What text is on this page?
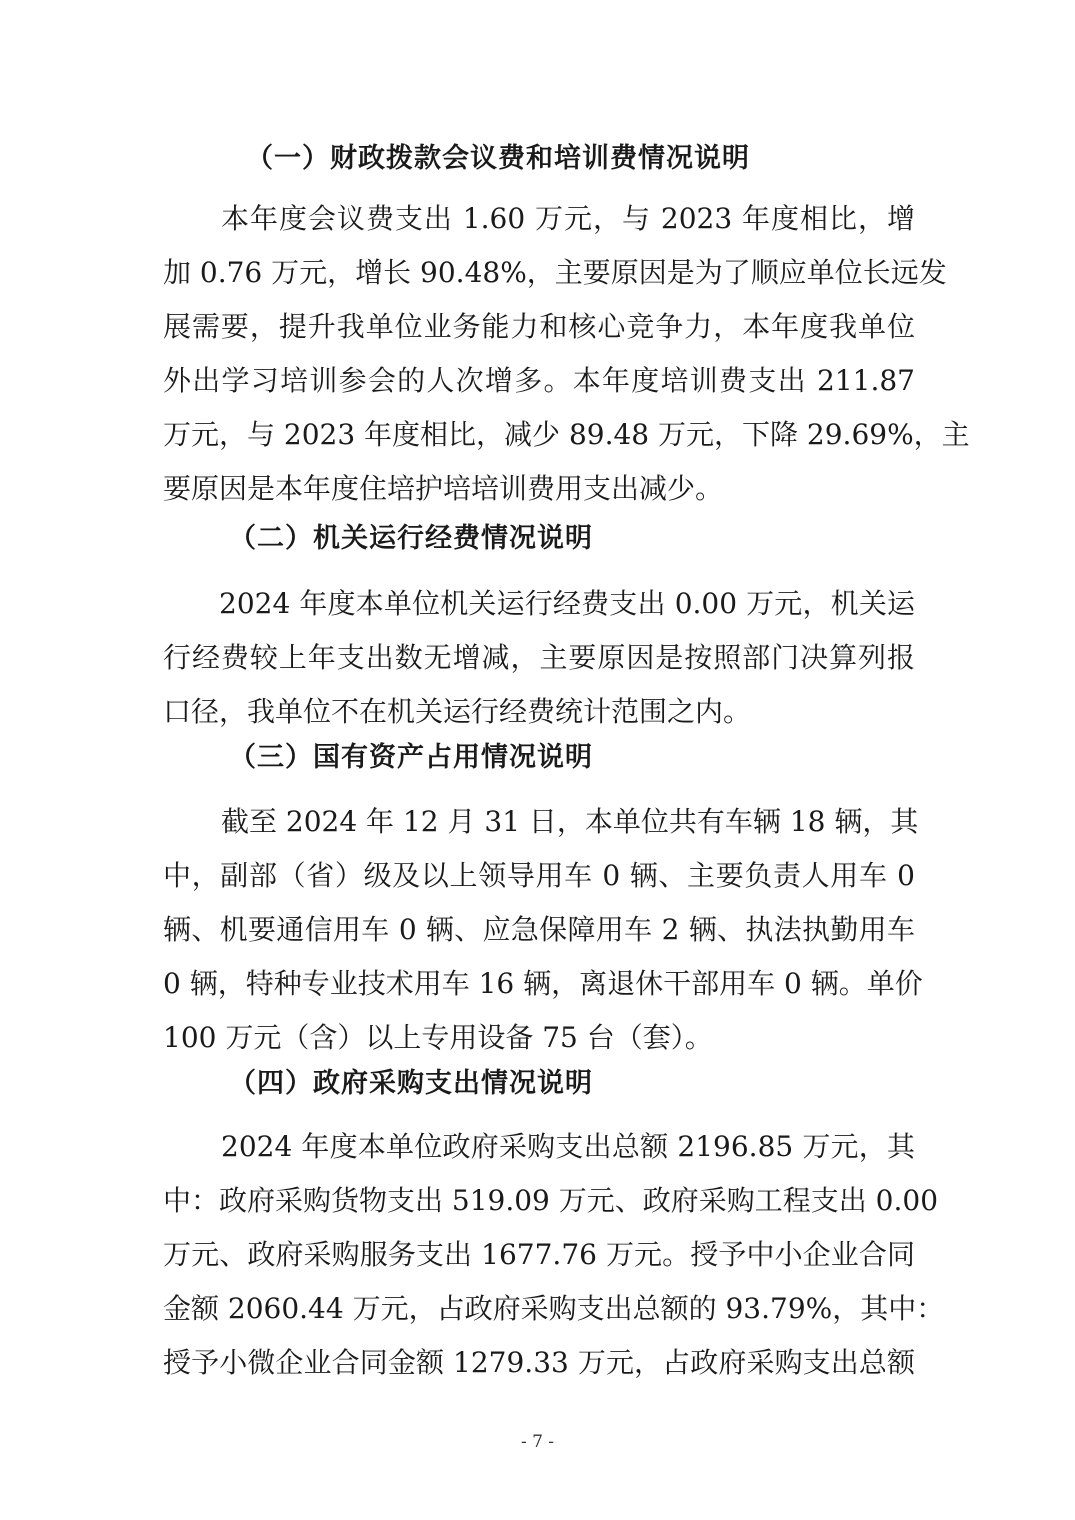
（一）财政拨款会议费和培训费情况说明
本年度会议费支出 1.60 万元，与 2023 年度相比，增
加 0.76 万元，增长 90.48%，主要原因是为了顺应单位长远发
展需要，提升我单位业务能力和核心竞争力，本年度我单位
外出学习培训参会的人次增多。本年度培训费支出 211.87
万元，与 2023 年度相比，减少 89.48 万元，下降 29.69%，主
要原因是本年度住培护培培训费用支出减少。
（二）机关运行经费情况说明
2024 年度本单位机关运行经费支出 0.00 万元，机关运
行经费较上年支出数无增减，主要原因是按照部门决算列报
口径，我单位不在机关运行经费统计范围之内。
（三）国有资产占用情况说明
截至 2024 年 12 月 31 日，本单位共有车辆 18 辆，其
中，副部（省）级及以上领导用车 0 辆、主要负责人用车 0
辆、机要通信用车 0 辆、应急保障用车 2 辆、执法执勤用车
0 辆，特种专业技术用车 16 辆，离退休干部用车 0 辆。单价
100 万元（含）以上专用设备 75 台（套）。
（四）政府采购支出情况说明
2024 年度本单位政府采购支出总额 2196.85 万元，其
中：政府采购货物支出 519.09 万元、政府采购工程支出 0.00
万元、政府采购服务支出 1677.76 万元。授予中小企业合同
金额 2060.44 万元，占政府采购支出总额的 93.79%，其中：
授予小微企业合同金额 1279.33 万元，占政府采购支出总额
- 7 -
